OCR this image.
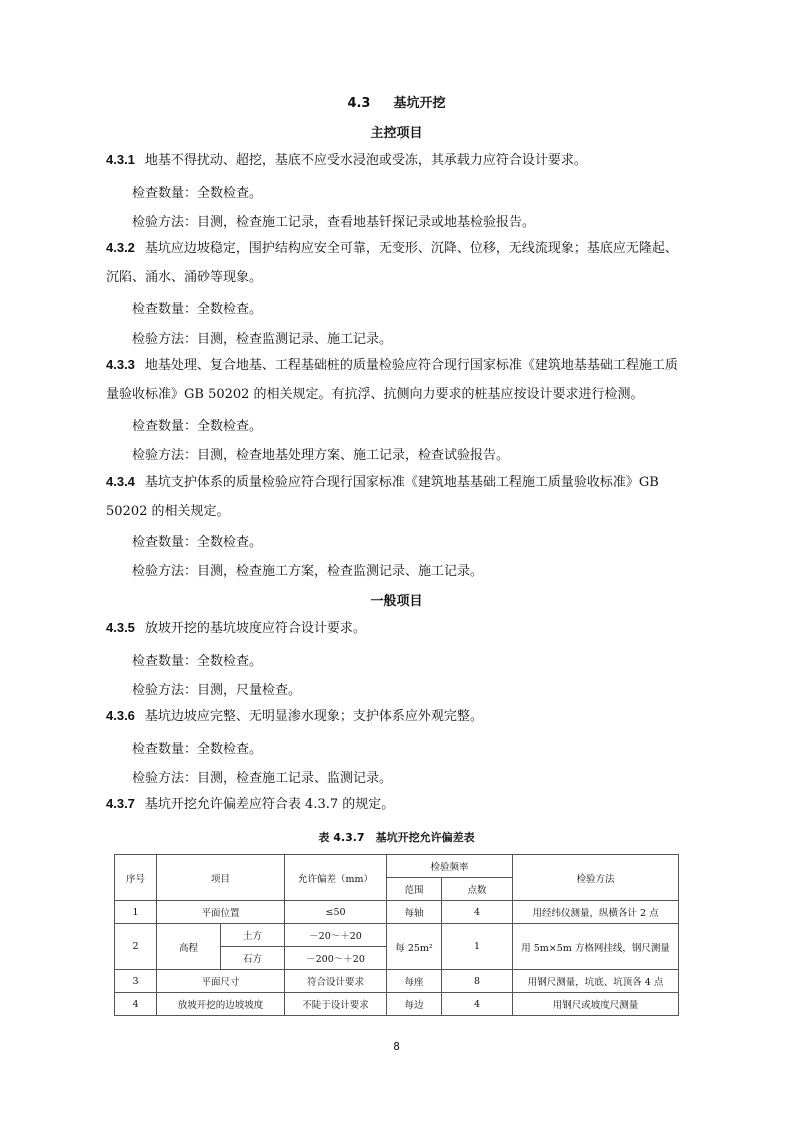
4.3 基坑开挖
主控项目
4.3.1 地基不得扰动、超挖，基底不应受水浸泡或受冻，其承载力应符合设计要求。
检查数量：全数检查。
检验方法：目测，检查施工记录，查看地基钎探记录或地基检验报告。
4.3.2 基坑应边坡稳定，围护结构应安全可靠，无变形、沉降、位移，无线流现象；基底应无隆起、沉陷、涌水、涌砂等现象。
检查数量：全数检查。
检验方法：目测，检查监测记录、施工记录。
4.3.3 地基处理、复合地基、工程基础桩的质量检验应符合现行国家标准《建筑地基基础工程施工质量验收标准》GB 50202 的相关规定。有抗浮、抗侧向力要求的桩基应按设计要求进行检测。
检查数量：全数检查。
检验方法：目测，检查地基处理方案、施工记录，检查试验报告。
4.3.4 基坑支护体系的质量检验应符合现行国家标准《建筑地基基础工程施工质量验收标准》GB 50202 的相关规定。
检查数量：全数检查。
检验方法：目测，检查施工方案，检查监测记录、施工记录。
一般项目
4.3.5 放坡开挖的基坑坡度应符合设计要求。
检查数量：全数检查。
检验方法：目测，尺量检查。
4.3.6 基坑边坡应完整、无明显渗水现象；支护体系应外观完整。
检查数量：全数检查。
检验方法：目测，检查施工记录、监测记录。
4.3.7 基坑开挖允许偏差应符合表 4.3.7 的规定。
表 4.3.7　基坑开挖允许偏差表
序号	项目		允许偏差（mm）	检验频率		检验方法
				范围	点数	
1	平面位置		≤50	每轴	4	用经纬仪测量，纵横各计 2 点
2	高程	土方	－20～＋20	每 25m²	1	用 5m×5m 方格网挂线，钢尺测量
		石方	－200～＋20			
3	平面尺寸		符合设计要求	每座	8	用钢尺测量，坑底、坑顶各 4 点
4	放坡开挖的边坡坡度		不陡于设计要求	每边	4	用钢尺或坡度尺测量
8
